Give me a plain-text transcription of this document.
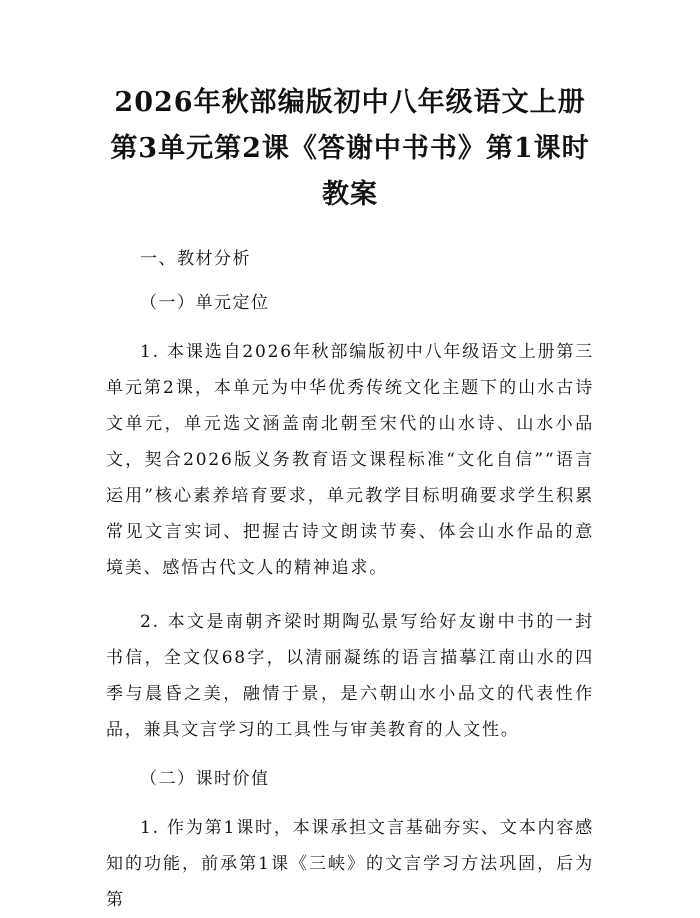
2026年秋部编版初中八年级语文上册第3单元第2课《答谢中书书》第1课时教案

一、教材分析

（一）单元定位

1. 本课选自2026年秋部编版初中八年级语文上册第三单元第2课，本单元为中华优秀传统文化主题下的山水古诗文单元，单元选文涵盖南北朝至宋代的山水诗、山水小品文，契合2026版义务教育语文课程标准“文化自信”“语言运用”核心素养培育要求，单元教学目标明确要求学生积累常见文言实词、把握古诗文朗读节奏、体会山水作品的意境美、感悟古代文人的精神追求。

2. 本文是南朝齐梁时期陶弘景写给好友谢中书的一封书信，全文仅68字，以清丽凝练的语言描摹江南山水的四季与晨昏之美，融情于景，是六朝山水小品文的代表性作品，兼具文言学习的工具性与审美教育的人文性。

（二）课时价值

1. 作为第1课时，本课承担文言基础夯实、文本内容感知的功能，前承第1课《三峡》的文言学习方法巩固，后为第
